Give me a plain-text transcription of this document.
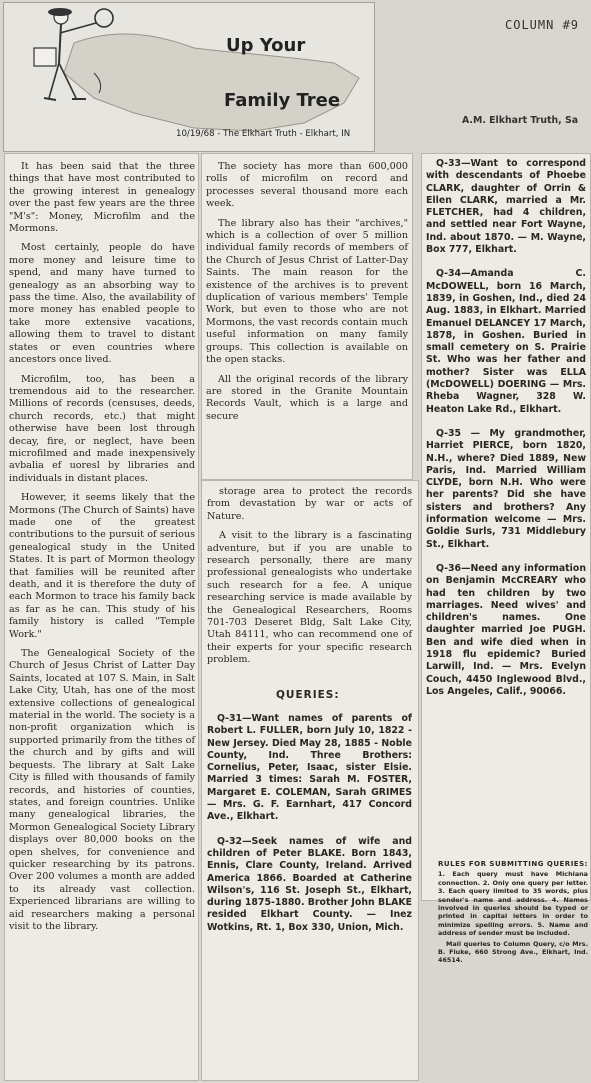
Up Your
Family Tree
10/19/68 - The Elkhart Truth - Elkhart, IN
COLUMN #9
A.M. Elkhart Truth, Sa

It has been said that the three things that have most contributed to the growing interest in genealogy over the past few years are the three "M's": Money, Microfilm and the Mormons.

Most certainly, people do have more money and leisure time to spend, and many have turned to genealogy as an absorbing way to pass the time. Also, the availability of more money has enabled people to take more extensive vacations, allowing them to travel to distant states or even countries where ancestors once lived.

Microfilm, too, has been a tremendous aid to the researcher. Millions of records (censuses, deeds, church records, etc.) that might otherwise have been lost through decay, fire, or neglect, have been microfilmed and made inexpensively avbalia ef uoresl by libraries and individuals in distant places.

However, it seems likely that the Mormons (The Church of Saints) have made one of the greatest contributions to the pursuit of serious genealogical study in the United States. It is part of Mormon theology that families will be reunited after death, and it is therefore the duty of each Mormon to trace his family back as far as he can. This study of his family history is called "Temple Work."

The Genealogical Society of the Church of Jesus Christ of Latter Day Saints, located at 107 S. Main, in Salt Lake City, Utah, has one of the most extensive collections of genealogical material in the world. The society is a non-profit organization which is supported primarily from the tithes of the church and by gifts and will bequests. The library at Salt Lake City is filled with thousands of family records, and histories of counties, states, and foreign countries. Unlike many genealogical libraries, the Mormon Genealogical Society Library displays over 80,000 books on the open shelves, for convenience and quicker researching by its patrons. Over 200 volumes a month are added to its already vast collection. Experienced librarians are willing to aid researchers making a personal visit to the library.

The society has more than 600,000 rolls of microfilm on record and processes several thousand more each week.

The library also has their "archives," which is a collection of over 5 million individual family records of members of the Church of Jesus Christ of Latter-Day Saints. The main reason for the existence of the archives is to prevent duplication of various members' Temple Work, but even to those who are not Mormons, the vast records contain much useful information on many family groups. This collection is available on the open stacks.

All the original records of the library are stored in the Granite Mountain Records Vault, which is a large and secure

storage area to protect the records from devastation by war or acts of Nature.

A visit to the library is a fascinating adventure, but if you are unable to research personally, there are many professional genealogists who undertake such research for a fee. A unique researching service is made available by the Genealogical Researchers, Rooms 701-703 Deseret Bldg, Salt Lake City, Utah 84111, who can recommend one of their experts for your specific research problem.

QUERIES:

Q-31—Want names of parents of Robert L. FULLER, born July 10, 1822 - New Jersey. Died May 28, 1885 - Noble County, Ind. Three Brothers: Cornelius, Peter, Isaac, sister Elsie. Married 3 times: Sarah M. FOSTER, Margaret E. COLEMAN, Sarah GRIMES — Mrs. G. F. Earnhart, 417 Concord Ave., Elkhart.

Q-32—Seek names of wife and children of Peter BLAKE. Born 1843, Ennis, Clare County, Ireland. Arrived America 1866. Boarded at Catherine Wilson's, 116 St. Joseph St., Elkhart, during 1875-1880. Brother John BLAKE resided Elkhart County. — Inez Wotkins, Rt. 1, Box 330, Union, Mich.

Q-33—Want to correspond with descendants of Phoebe CLARK, daughter of Orrin & Ellen CLARK, married a Mr. FLETCHER, had 4 children, and settled near Fort Wayne, Ind. about 1870. — M. Wayne, Box 777, Elkhart.

Q-34—Amanda C. McDOWELL, born 16 March, 1839, in Goshen, Ind., died 24 Aug. 1883, in Elkhart. Married Emanuel DELANCEY 17 March, 1878, in Goshen. Buried in small cemetery on S. Prairie St. Who was her father and mother? Sister was ELLA (McDOWELL) DOERING — Mrs. Rheba Wagner, 328 W. Heaton Lake Rd., Elkhart.

Q-35 — My grandmother, Harriet PIERCE, born 1820, N.H., where? Died 1889, New Paris, Ind. Married William CLYDE, born N.H. Who were her parents? Did she have sisters and brothers? Any information welcome — Mrs. Goldie Surls, 731 Middlebury St., Elkhart.

Q-36—Need any information on Benjamin McCREARY who had ten children by two marriages. Need wives' and children's names. One daughter married Joe PUGH. Ben and wife died when in 1918 flu epidemic? Buried Larwill, Ind. — Mrs. Evelyn Couch, 4450 Inglewood Blvd., Los Angeles, Calif., 90066.

RULES FOR SUBMITTING QUERIES:
1. Each query must have Michiana connection. 2. Only one query per letter. 3. Each query limited to 35 words, plus sender's name and address. 4. Names involved in queries should be typed or printed in capital letters in order to minimize spelling errors. 5. Name and address of sender must be included.
Mail queries to Column Query, c/o Mrs. B. Fluke, 660 Strong Ave., Elkhart, Ind. 46514.
